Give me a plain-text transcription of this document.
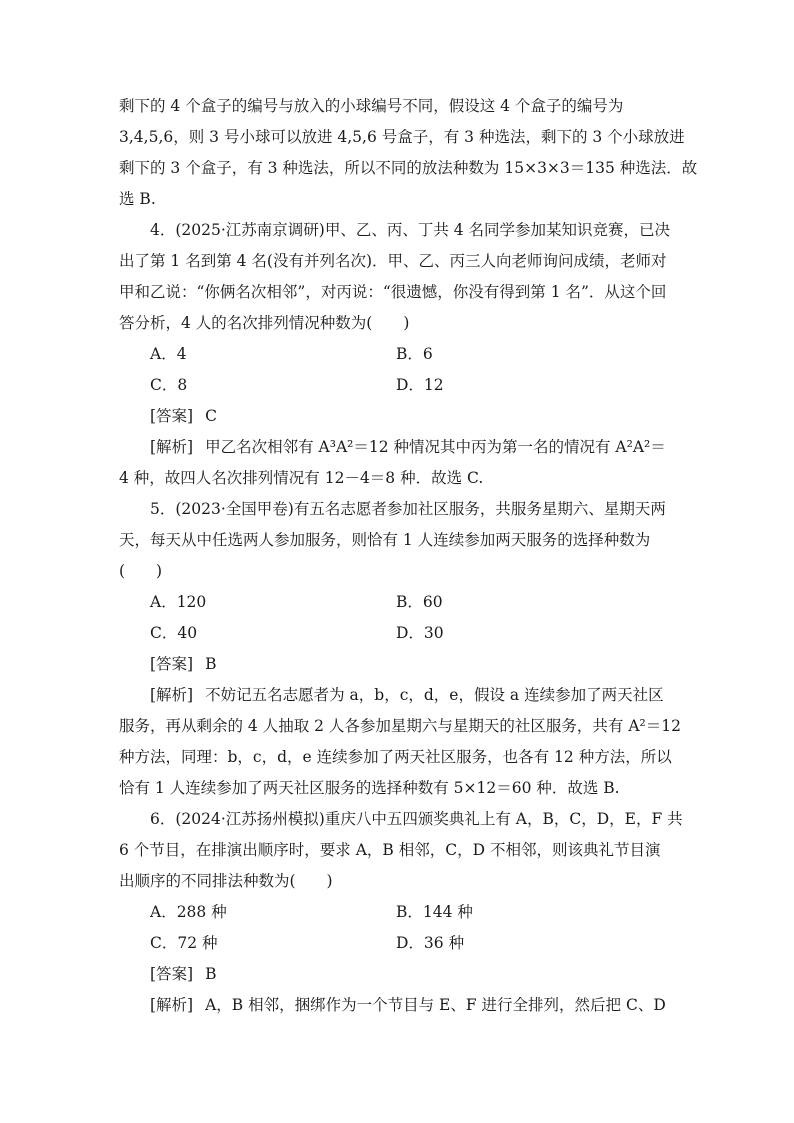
剩下的 4 个盒子的编号与放入的小球编号不同，假设这 4 个盒子的编号为
3,4,5,6，则 3 号小球可以放进 4,5,6 号盒子，有 3 种选法，剩下的 3 个小球放进
剩下的 3 个盒子，有 3 种选法，所以不同的放法种数为 15×3×3＝135 种选法．故
选 B.
4．(2025·江苏南京调研)甲、乙、丙、丁共 4 名同学参加某知识竞赛，已决
出了第 1 名到第 4 名(没有并列名次)．甲、乙、丙三人向老师询问成绩，老师对
甲和乙说：“你俩名次相邻”，对丙说：“很遗憾，你没有得到第 1 名”．从这个回
答分析，4 人的名次排列情况种数为(　　)
A．4	B．6
C．8	D．12
[答案] C
[解析] 甲乙名次相邻有 A³A²＝12 种情况其中丙为第一名的情况有 A²A²＝
4 种，故四人名次排列情况有 12－4＝8 种．故选 C.
5．(2023·全国甲卷)有五名志愿者参加社区服务，共服务星期六、星期天两
天，每天从中任选两人参加服务，则恰有 1 人连续参加两天服务的选择种数为
(　　)
A．120	B．60
C．40	D．30
[答案] B
[解析] 不妨记五名志愿者为 a，b，c，d，e，假设 a 连续参加了两天社区
服务，再从剩余的 4 人抽取 2 人各参加星期六与星期天的社区服务，共有 A²＝12
种方法，同理：b，c，d，e 连续参加了两天社区服务，也各有 12 种方法，所以
恰有 1 人连续参加了两天社区服务的选择种数有 5×12＝60 种．故选 B.
6．(2024·江苏扬州模拟)重庆八中五四颁奖典礼上有 A，B，C，D，E，F 共
6 个节目，在排演出顺序时，要求 A，B 相邻，C，D 不相邻，则该典礼节目演
出顺序的不同排法种数为(　　)
A．288 种	B．144 种
C．72 种	D．36 种
[答案] B
[解析] A，B 相邻，捆绑作为一个节目与 E、F 进行全排列，然后把 C、D
